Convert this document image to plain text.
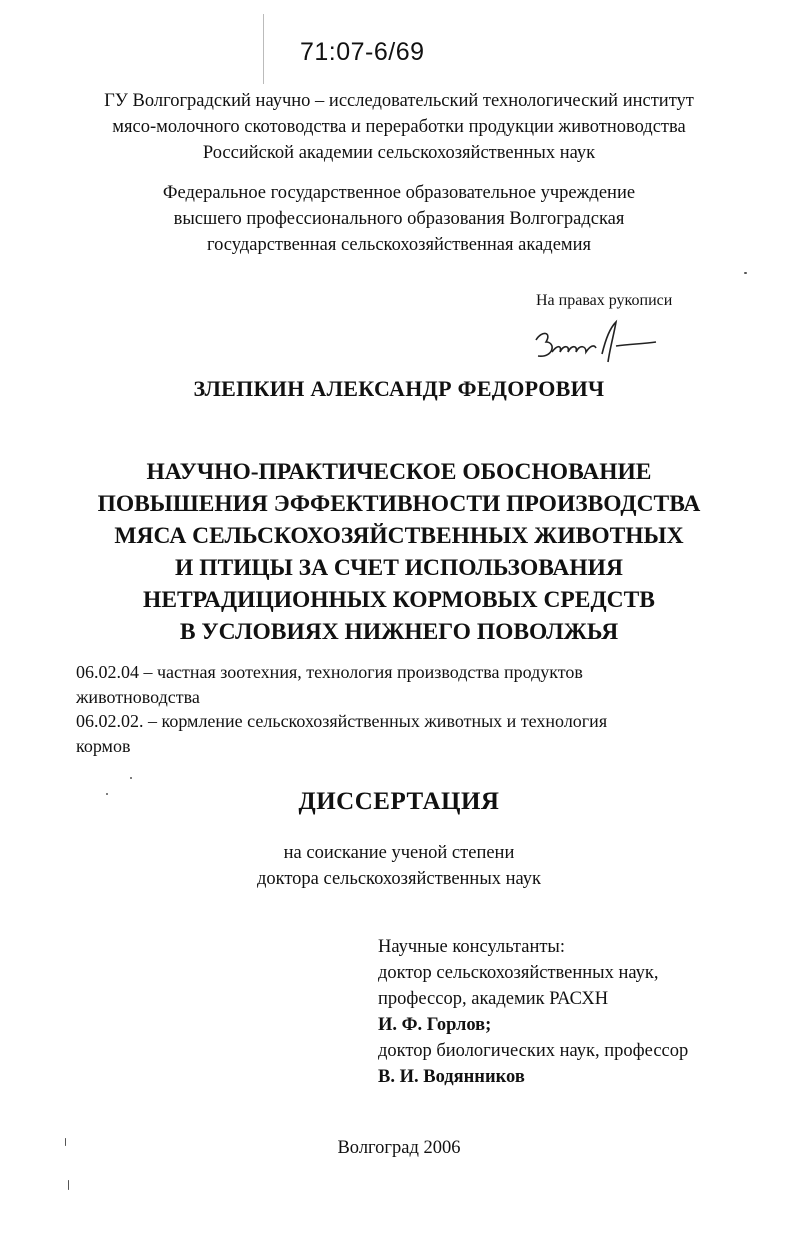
71:07-6/69
ГУ Волгоградский научно – исследовательский технологический институт
мясо-молочного скотоводства и переработки продукции животноводства
Российской академии сельскохозяйственных наук
Федеральное государственное образовательное учреждение
высшего профессионального образования Волгоградская
государственная сельскохозяйственная академия
На правах рукописи
ЗЛЕПКИН АЛЕКСАНДР ФЕДОРОВИЧ
НАУЧНО-ПРАКТИЧЕСКОЕ ОБОСНОВАНИЕ
ПОВЫШЕНИЯ ЭФФЕКТИВНОСТИ ПРОИЗВОДСТВА
МЯСА СЕЛЬСКОХОЗЯЙСТВЕННЫХ ЖИВОТНЫХ
И ПТИЦЫ ЗА СЧЕТ ИСПОЛЬЗОВАНИЯ
НЕТРАДИЦИОННЫХ КОРМОВЫХ СРЕДСТВ
В УСЛОВИЯХ НИЖНЕГО ПОВОЛЖЬЯ
06.02.04 – частная зоотехния, технология производства продуктов
животноводства
06.02.02. – кормление сельскохозяйственных животных и технология
кормов
ДИССЕРТАЦИЯ
на соискание ученой степени
доктора сельскохозяйственных наук
Научные консультанты:
доктор сельскохозяйственных наук,
профессор, академик РАСХН
И. Ф. Горлов;
доктор биологических наук, профессор
В. И. Водянников
Волгоград 2006
